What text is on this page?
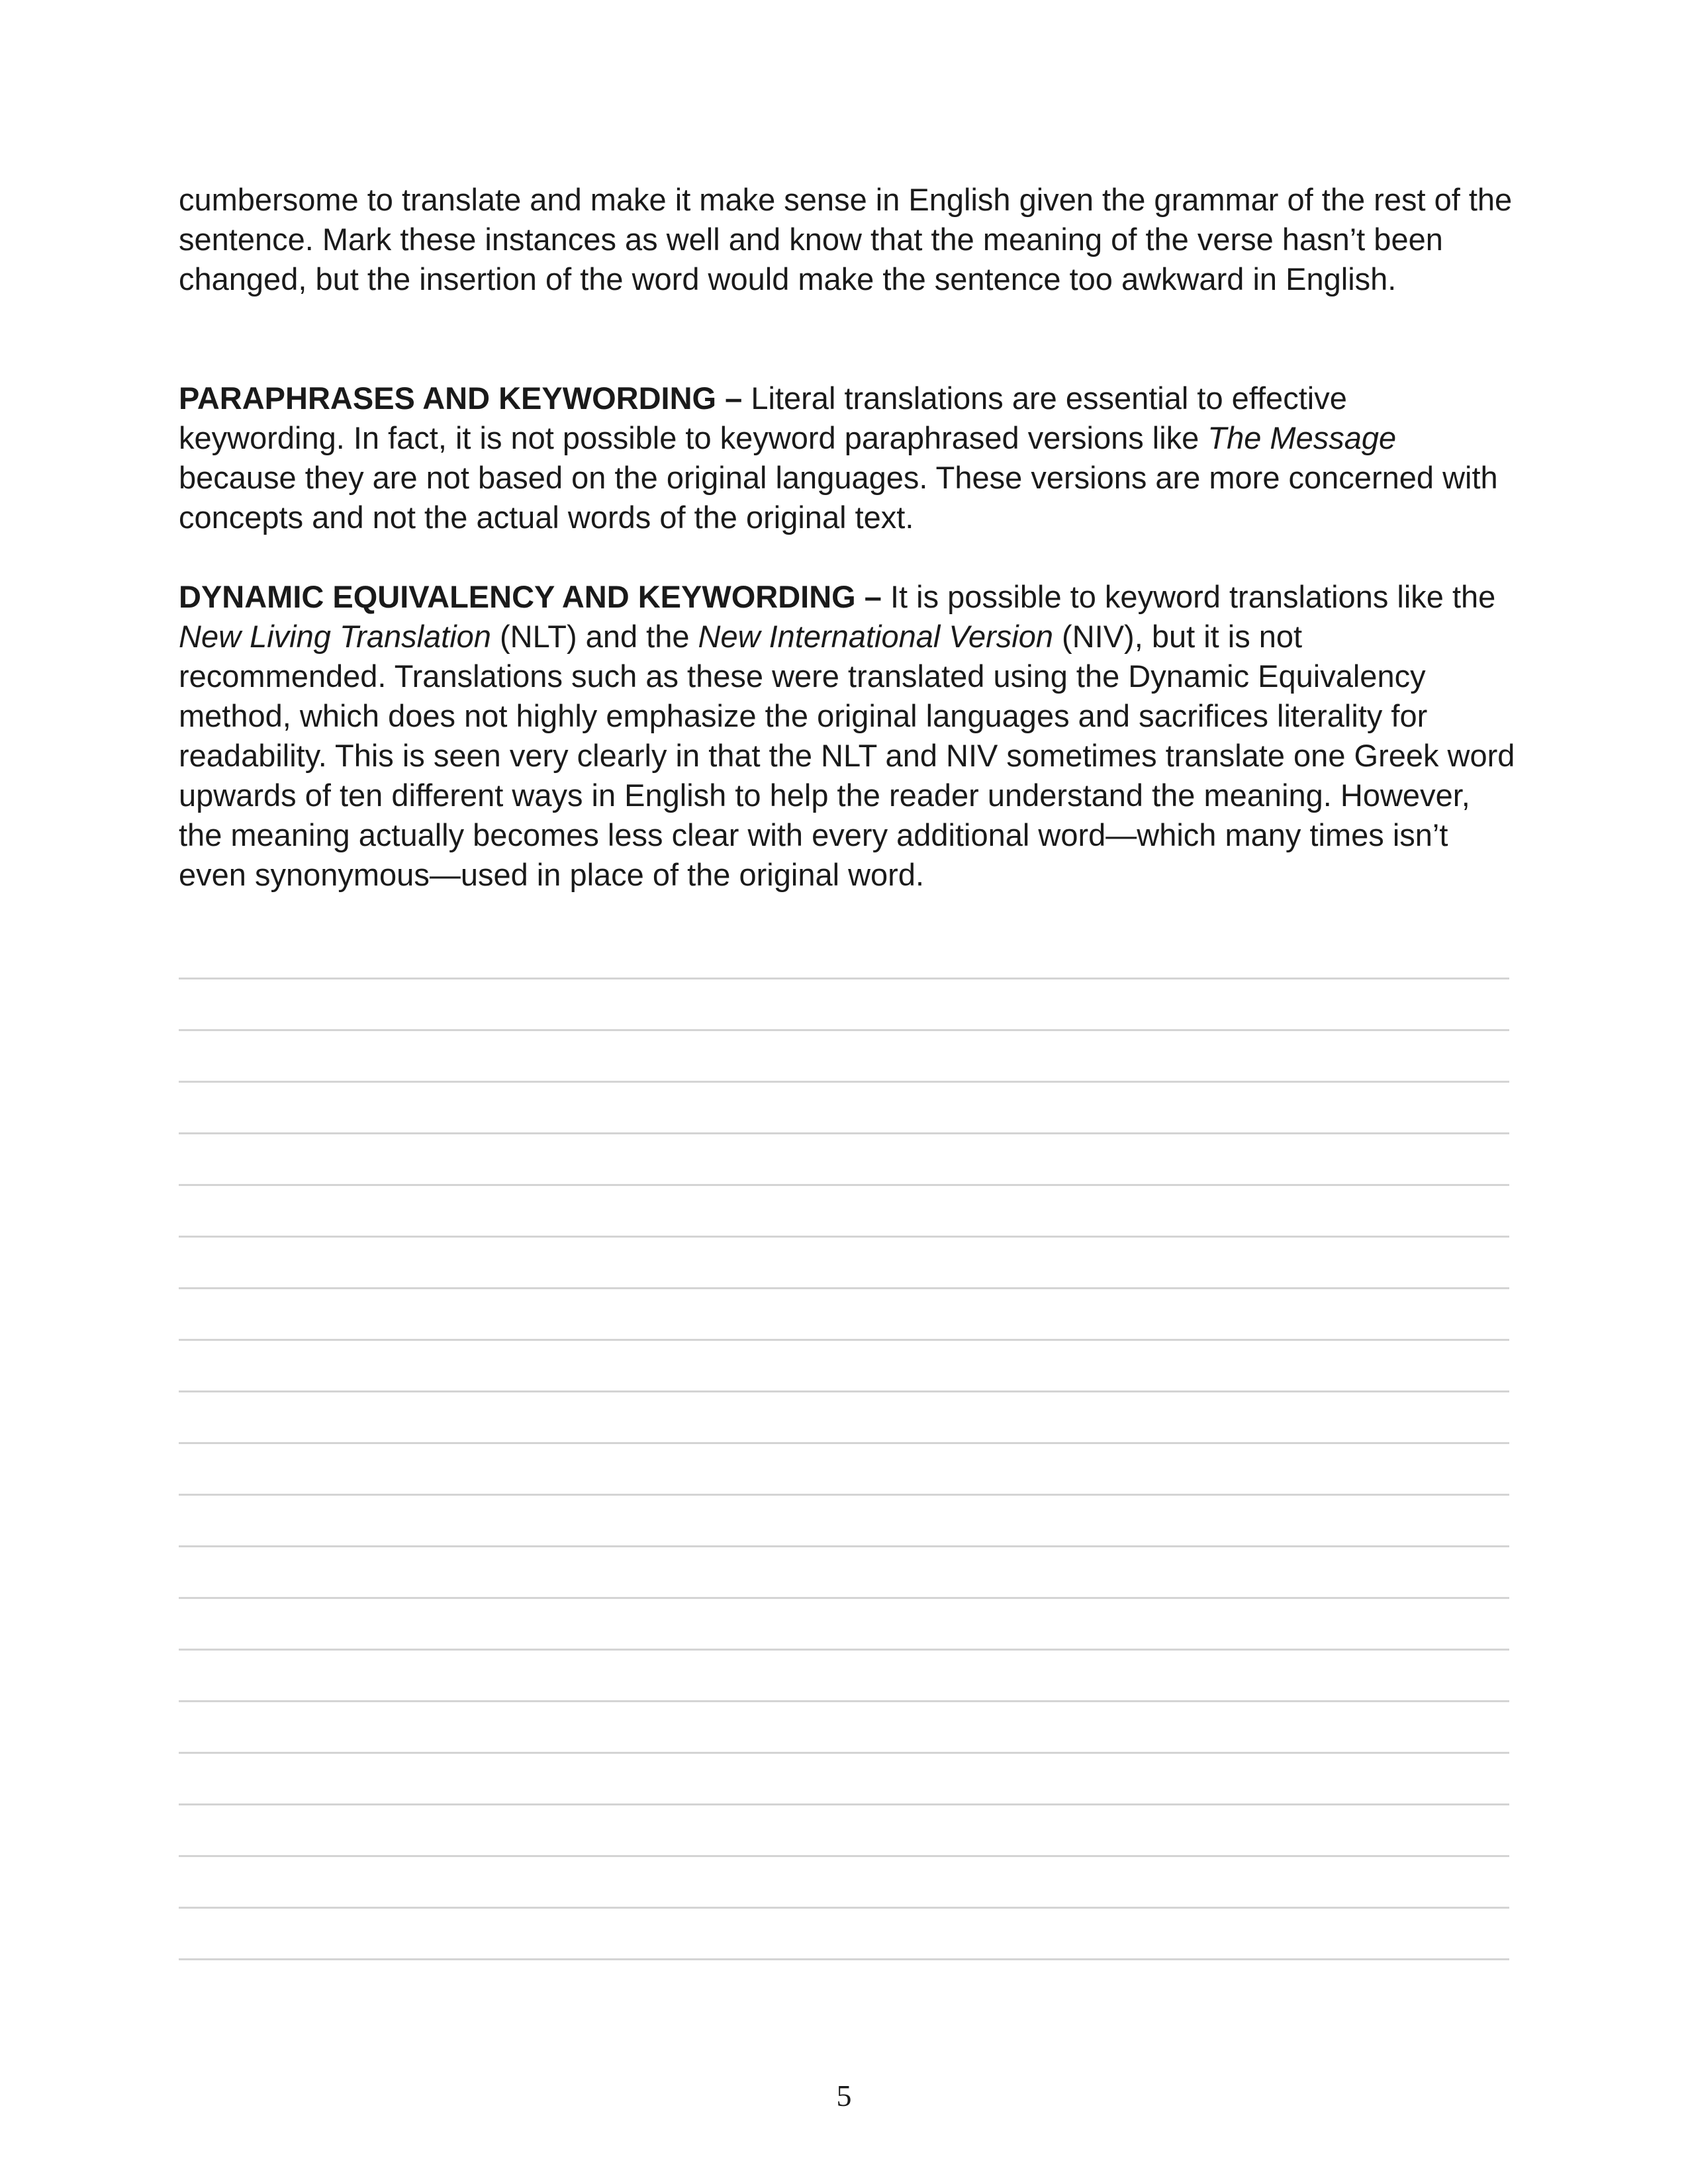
cumbersome to translate and make it make sense in English given the grammar of the rest of the sentence. Mark these instances as well and know that the meaning of the verse hasn’t been changed, but the insertion of the word would make the sentence too awkward in English.

PARAPHRASES AND KEYWORDING – Literal translations are essential to effective keywording. In fact, it is not possible to keyword paraphrased versions like The Message because they are not based on the original languages. These versions are more concerned with concepts and not the actual words of the original text.

DYNAMIC EQUIVALENCY AND KEYWORDING – It is possible to keyword translations like the New Living Translation (NLT) and the New International Version (NIV), but it is not recommended. Translations such as these were translated using the Dynamic Equivalency method, which does not highly emphasize the original languages and sacrifices literality for readability. This is seen very clearly in that the NLT and NIV sometimes translate one Greek word upwards of ten different ways in English to help the reader understand the meaning. However, the meaning actually becomes less clear with every additional word—which many times isn’t even synonymous—used in place of the original word.

5
